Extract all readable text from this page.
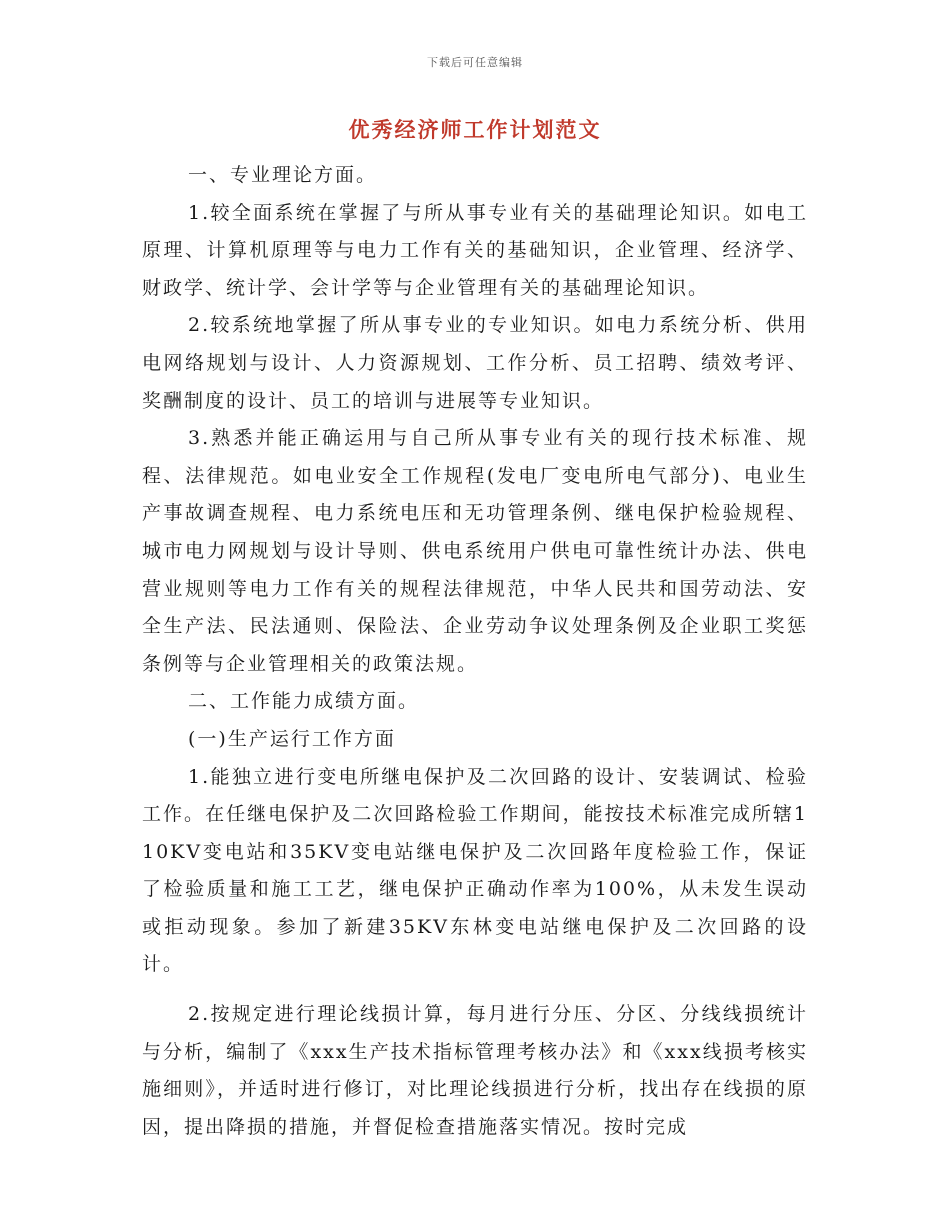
下载后可任意编辑
优秀经济师工作计划范文

一、专业理论方面。

1.较全面系统在掌握了与所从事专业有关的基础理论知识。如电工原理、计算机原理等与电力工作有关的基础知识，企业管理、经济学、财政学、统计学、会计学等与企业管理有关的基础理论知识。

2.较系统地掌握了所从事专业的专业知识。如电力系统分析、供用电网络规划与设计、人力资源规划、工作分析、员工招聘、绩效考评、奖酬制度的设计、员工的培训与进展等专业知识。

3.熟悉并能正确运用与自己所从事专业有关的现行技术标准、规程、法律规范。如电业安全工作规程(发电厂变电所电气部分)、电业生产事故调查规程、电力系统电压和无功管理条例、继电保护检验规程、城市电力网规划与设计导则、供电系统用户供电可靠性统计办法、供电营业规则等电力工作有关的规程法律规范，中华人民共和国劳动法、安全生产法、民法通则、保险法、企业劳动争议处理条例及企业职工奖惩条例等与企业管理相关的政策法规。

二、工作能力成绩方面。

(一)生产运行工作方面

1.能独立进行变电所继电保护及二次回路的设计、安装调试、检验工作。在任继电保护及二次回路检验工作期间，能按技术标准完成所辖110KV变电站和35KV变电站继电保护及二次回路年度检验工作，保证了检验质量和施工工艺，继电保护正确动作率为100%，从未发生误动或拒动现象。参加了新建35KV东林变电站继电保护及二次回路的设计。

2.按规定进行理论线损计算，每月进行分压、分区、分线线损统计与分析，编制了《xxx生产技术指标管理考核办法》和《xxx线损考核实施细则》，并适时进行修订，对比理论线损进行分析，找出存在线损的原因，提出降损的措施，并督促检查措施落实情况。按时完成
